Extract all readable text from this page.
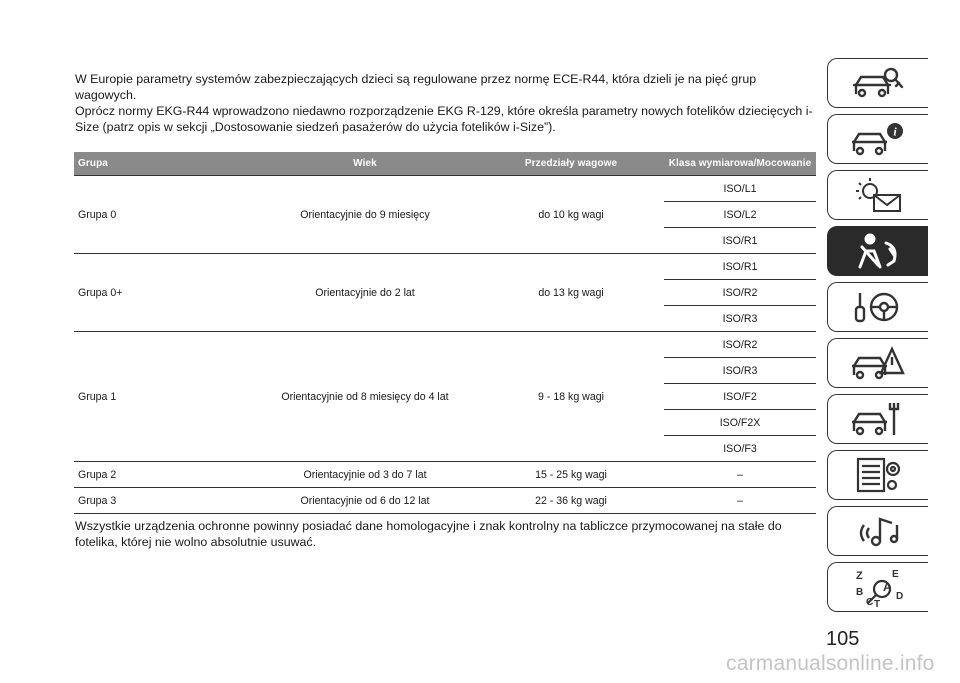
W Europie parametry systemów zabezpieczających dzieci są regulowane przez normę ECE-R44, która dzieli je na pięć grup wagowych.

Oprócz normy EKG-R44 wprowadzono niedawno rozporządzenie EKG R-129, które określa parametry nowych fotelików dziecięcych i-Size (patrz opis w sekcji „Dostosowanie siedzeń pasażerów do użycia fotelików i-Size”).

Grupa	Wiek	Przedziały wagowe	Klasa wymiarowa/Mocowanie
Grupa 0	Orientacyjnie do 9 miesięcy	do 10 kg wagi	ISO/L1
			ISO/L2
			ISO/R1
Grupa 0+	Orientacyjnie do 2 lat	do 13 kg wagi	ISO/R1
			ISO/R2
			ISO/R3
Grupa 1	Orientacyjnie od 8 miesięcy do 4 lat	9 - 18 kg wagi	ISO/R2
			ISO/R3
			ISO/F2
			ISO/F2X
			ISO/F3
Grupa 2	Orientacyjnie od 3 do 7 lat	15 - 25 kg wagi	–
Grupa 3	Orientacyjnie od 6 do 12 lat	22 - 36 kg wagi	–

Wszystkie urządzenia ochronne powinny posiadać dane homologacyjne i znak kontrolny na tabliczce przymocowanej na stałe do fotelika, której nie wolno absolutnie usuwać.

i
Z	E
B A
C T
D
105
carmanualsonline.info
